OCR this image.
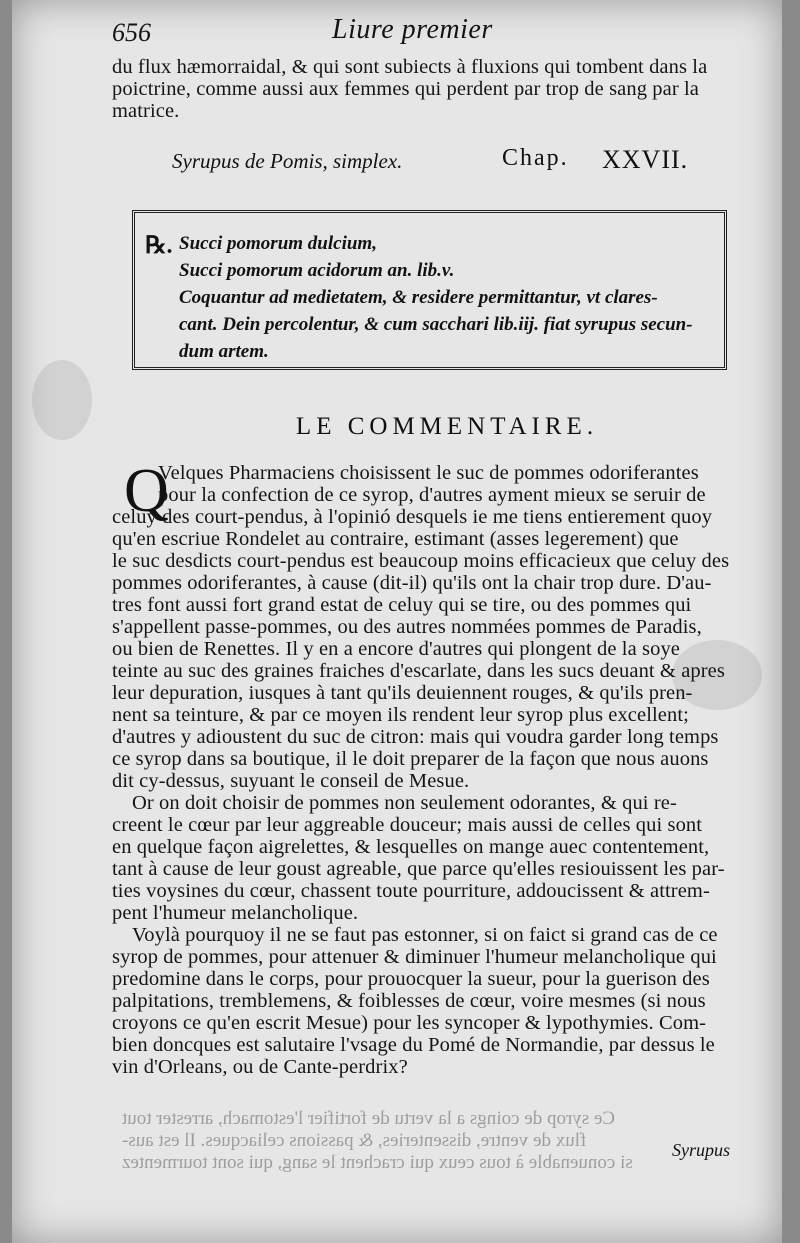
656	Liure premier
du flux hæmorraidal, & qui sont subiects à fluxions qui tombent dans la
poictrine, comme aussi aux femmes qui perdent par trop de sang par la
matrice.
Syrupus de Pomis, simplex.	Chap. XXVII.
℞. Succi pomorum dulcium,
Succi pomorum acidorum an. lib.v.
Coquantur ad medietatem, & residere permittantur, vt clares-
cant. Dein percolentur, & cum sacchari lib.iij. fiat syrupus secun-
dum artem.
LE COMMENTAIRE.
Q
Velques Pharmaciens choisissent le suc de pommes odoriferantes
pour la confection de ce syrop, d'autres ayment mieux se seruir de
celuy des court-pendus, à l'opinió desquels ie me tiens entierement quoy
qu'en escriue Rondelet au contraire, estimant (asses legerement) que
le suc desdicts court-pendus est beaucoup moins efficacieux que celuy des
pommes odoriferantes, à cause (dit-il) qu'ils ont la chair trop dure. D'au-
tres font aussi fort grand estat de celuy qui se tire, ou des pommes qui
s'appellent passe-pommes, ou des autres nommées pommes de Paradis,
ou bien de Renettes. Il y en a encore d'autres qui plongent de la soye
teinte au suc des graines fraiches d'escarlate, dans les sucs deuant & apres
leur depuration, iusques à tant qu'ils deuiennent rouges, & qu'ils pren-
nent sa teinture, & par ce moyen ils rendent leur syrop plus excellent;
d'autres y adioustent du suc de citron: mais qui voudra garder long temps
ce syrop dans sa boutique, il le doit preparer de la façon que nous auons
dit cy-dessus, suyuant le conseil de Mesue.
Or on doit choisir de pommes non seulement odorantes, & qui re-
creent le cœur par leur aggreable douceur; mais aussi de celles qui sont
en quelque façon aigrelettes, & lesquelles on mange auec contentement,
tant à cause de leur goust agreable, que parce qu'elles resiouissent les par-
ties voysines du cœur, chassent toute pourriture, addoucissent & attrem-
pent l'humeur melancholique.
Voylà pourquoy il ne se faut pas estonner, si on faict si grand cas de ce
syrop de pommes, pour attenuer & diminuer l'humeur melancholique qui
predomine dans le corps, pour prouocquer la sueur, pour la guerison des
palpitations, tremblemens, & foiblesses de cœur, voire mesmes (si nous
croyons ce qu'en escrit Mesue) pour les syncoper & lypothymies. Com-
bien doncques est salutaire l'vsage du Pomé de Normandie, par dessus le
vin d'Orleans, ou de Cante-perdrix?
Ce syrop de coings a la vertu de fortifier l'estomach, arrester tout
flux de ventre, dissenteries, & passions celiacques. Il est aus-
si conuenable à tous ceux qui crachent le sang, qui sont tourmentez
Syrupus
